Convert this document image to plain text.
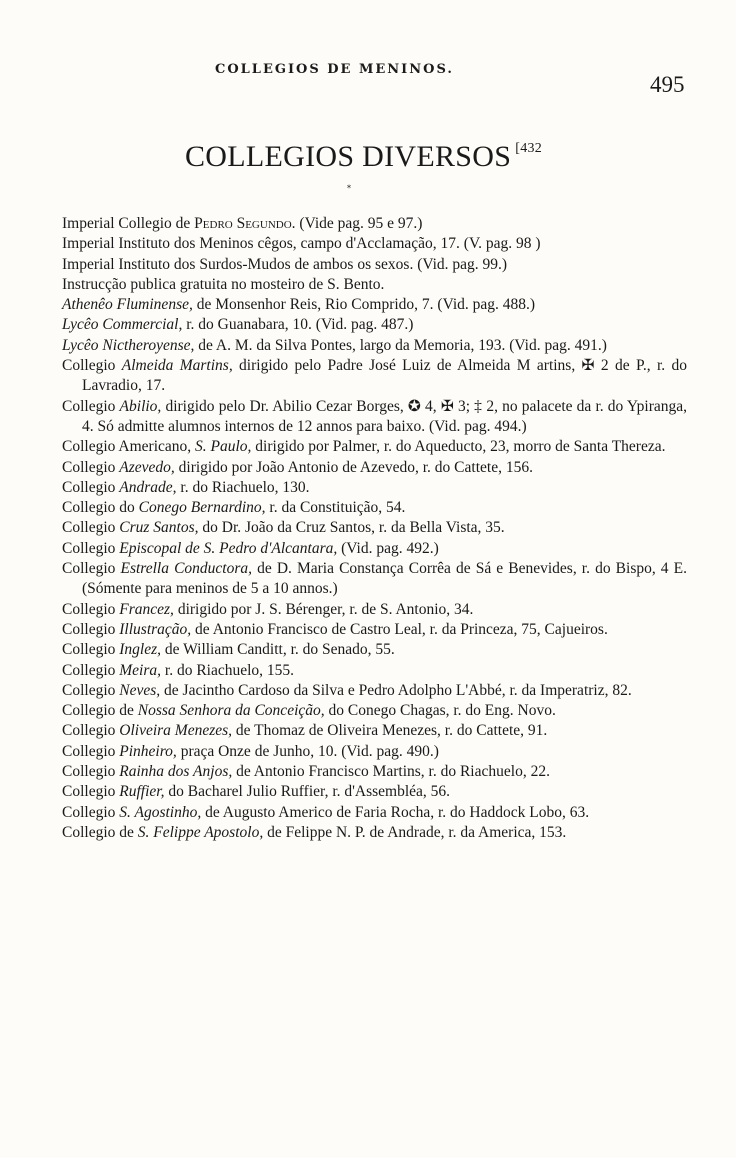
COLLEGIOS DE MENINOS.
495
COLLEGIOS DIVERSOS $^{[432}$
*
Imperial Collegio de Pedro Segundo. (Vide pag. 95 e 97.)
Imperial Instituto dos Meninos cêgos, campo d'Acclamação, 17. (V. pag. 98 )
Imperial Instituto dos Surdos-Mudos de ambos os sexos. (Vid. pag. 99.)
Instrucção publica gratuita no mosteiro de S. Bento.
Athenêo Fluminense, de Monsenhor Reis, Rio Comprido, 7. (Vid. pag. 488.)
Lycêo Commercial, r. do Guanabara, 10. (Vid. pag. 487.)
Lycêo Nictheroyense, de A. M. da Silva Pontes, largo da Memoria, 193. (Vid. pag. 491.)
Collegio Almeida Martins, dirigido pelo Padre José Luiz de Almeida M artins, ✠ 2 de P., r. do Lavradio, 17.
Collegio Abilio, dirigido pelo Dr. Abilio Cezar Borges, ✪ 4, ✠ 3; ‡ 2, no palacete da r. do Ypiranga, 4. Só admitte alumnos internos de 12 annos para baixo. (Vid. pag. 494.)
Collegio Americano, S. Paulo, dirigido por Palmer, r. do Aqueducto, 23, morro de Santa Thereza.
Collegio Azevedo, dirigido por João Antonio de Azevedo, r. do Cattete, 156.
Collegio Andrade, r. do Riachuelo, 130.
Collegio do Conego Bernardino, r. da Constituição, 54.
Collegio Cruz Santos, do Dr. João da Cruz Santos, r. da Bella Vista, 35.
Collegio Episcopal de S. Pedro d'Alcantara, (Vid. pag. 492.)
Collegio Estrella Conductora, de D. Maria Constança Corrêa de Sá e Benevides, r. do Bispo, 4 E. (Sómente para meninos de 5 a 10 annos.)
Collegio Francez, dirigido por J. S. Bérenger, r. de S. Antonio, 34.
Collegio Illustração, de Antonio Francisco de Castro Leal, r. da Princeza, 75, Cajueiros.
Collegio Inglez, de William Canditt, r. do Senado, 55.
Collegio Meira, r. do Riachuelo, 155.
Collegio Neves, de Jacintho Cardoso da Silva e Pedro Adolpho L'Abbé, r. da Imperatriz, 82.
Collegio de Nossa Senhora da Conceição, do Conego Chagas, r. do Eng. Novo.
Collegio Oliveira Menezes, de Thomaz de Oliveira Menezes, r. do Cattete, 91.
Collegio Pinheiro, praça Onze de Junho, 10. (Vid. pag. 490.)
Collegio Rainha dos Anjos, de Antonio Francisco Martins, r. do Riachuelo, 22.
Collegio Ruffier, do Bacharel Julio Ruffier, r. d'Assembléa, 56.
Collegio S. Agostinho, de Augusto Americo de Faria Rocha, r. do Haddock Lobo, 63.
Collegio de S. Felippe Apostolo, de Felippe N. P. de Andrade, r. da America, 153.
